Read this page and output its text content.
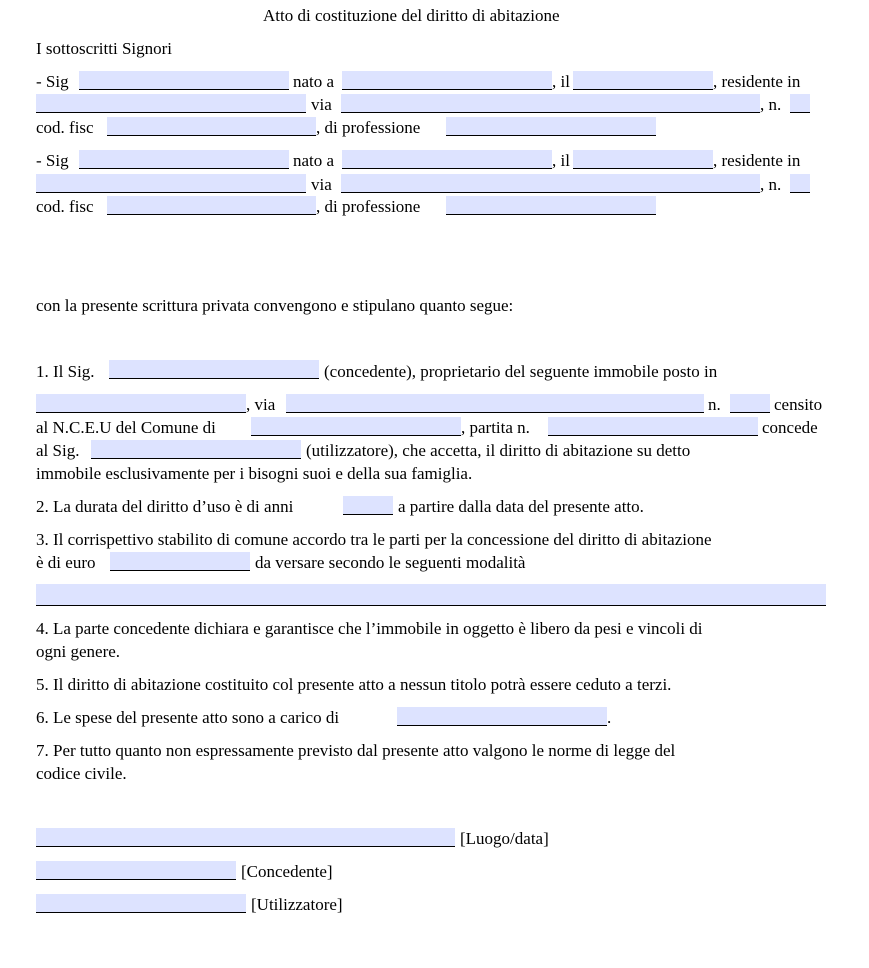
Atto di costituzione del diritto di abitazione
I sottoscritti Signori
- Sig	nato a	, il	, residente in
via	, n.
cod. fisc	, di professione
- Sig	nato a	, il	, residente in
via	, n.
cod. fisc	, di professione
con la presente scrittura privata convengono e stipulano quanto segue:
1. Il Sig.	(concedente), proprietario del seguente immobile posto in
, via	n.	censito
al N.C.E.U del Comune di	, partita n.	concede
al Sig.	(utilizzatore), che accetta, il diritto di abitazione su detto
immobile esclusivamente per i bisogni suoi e della sua famiglia.
2. La durata del diritto d’uso è di anni	a partire dalla data del presente atto.
3. Il corrispettivo stabilito di comune accordo tra le parti per la concessione del diritto di abitazione
è di euro	da versare secondo le seguenti modalità
4. La parte concedente dichiara e garantisce che l’immobile in oggetto è libero da pesi e vincoli di
ogni genere.
5. Il diritto di abitazione costituito col presente atto a nessun titolo potrà essere ceduto a terzi.
6. Le spese del presente atto sono a carico di	.
7. Per tutto quanto non espressamente previsto dal presente atto valgono le norme di legge del
codice civile.
[Luogo/data]
[Concedente]
[Utilizzatore]
